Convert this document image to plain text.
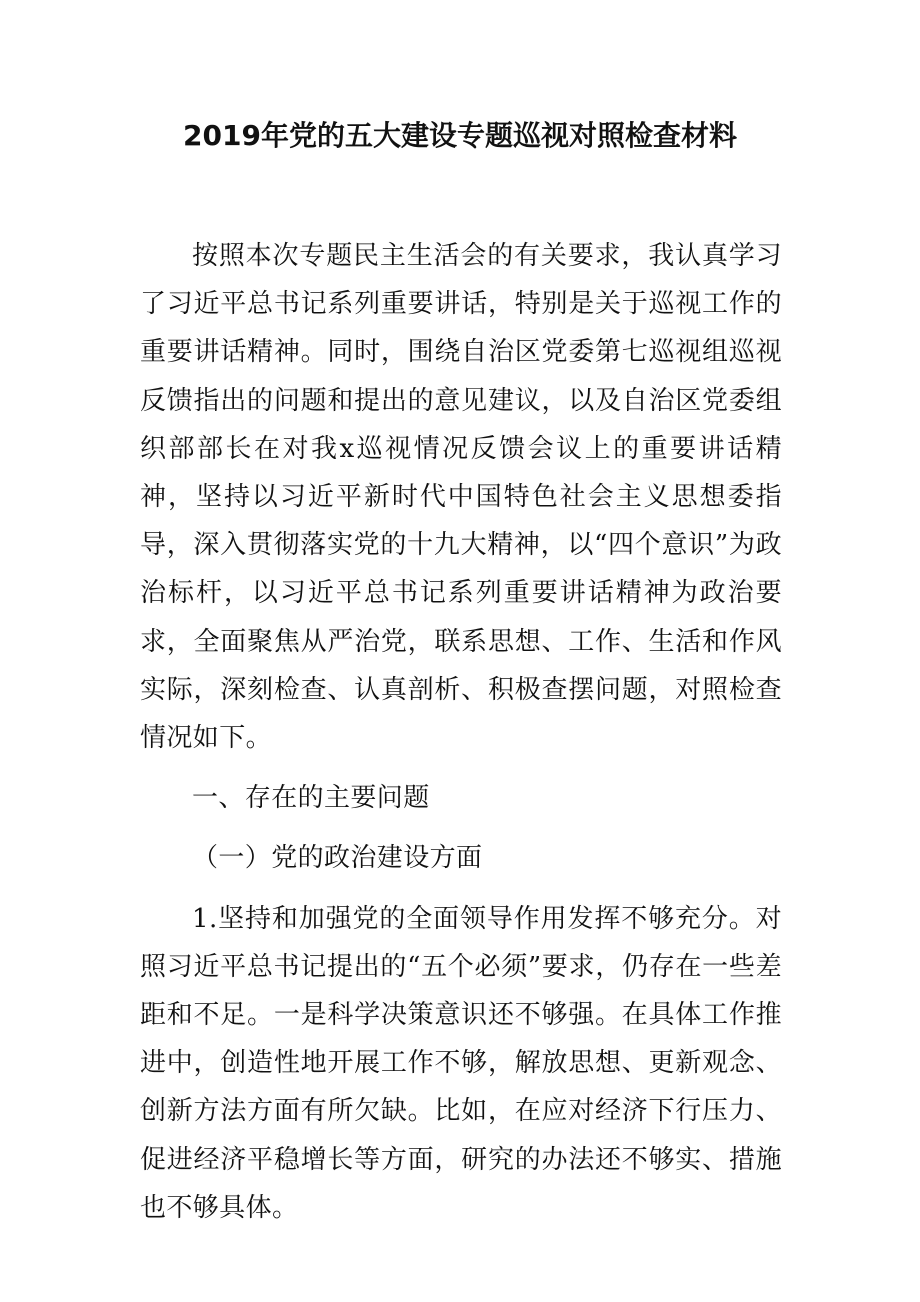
2019年党的五大建设专题巡视对照检查材料

按照本次专题民主生活会的有关要求，我认真学习了习近平总书记系列重要讲话，特别是关于巡视工作的重要讲话精神。同时，围绕自治区党委第七巡视组巡视反馈指出的问题和提出的意见建议，以及自治区党委组织部部长在对我x巡视情况反馈会议上的重要讲话精神，坚持以习近平新时代中国特色社会主义思想委指导，深入贯彻落实党的十九大精神，以“四个意识”为政治标杆，以习近平总书记系列重要讲话精神为政治要求，全面聚焦从严治党，联系思想、工作、生活和作风实际，深刻检查、认真剖析、积极查摆问题，对照检查情况如下。

一、存在的主要问题

（一）党的政治建设方面

1.坚持和加强党的全面领导作用发挥不够充分。对照习近平总书记提出的“五个必须”要求，仍存在一些差距和不足。一是科学决策意识还不够强。在具体工作推进中，创造性地开展工作不够，解放思想、更新观念、创新方法方面有所欠缺。比如，在应对经济下行压力、促进经济平稳增长等方面，研究的办法还不够实、措施也不够具体。
